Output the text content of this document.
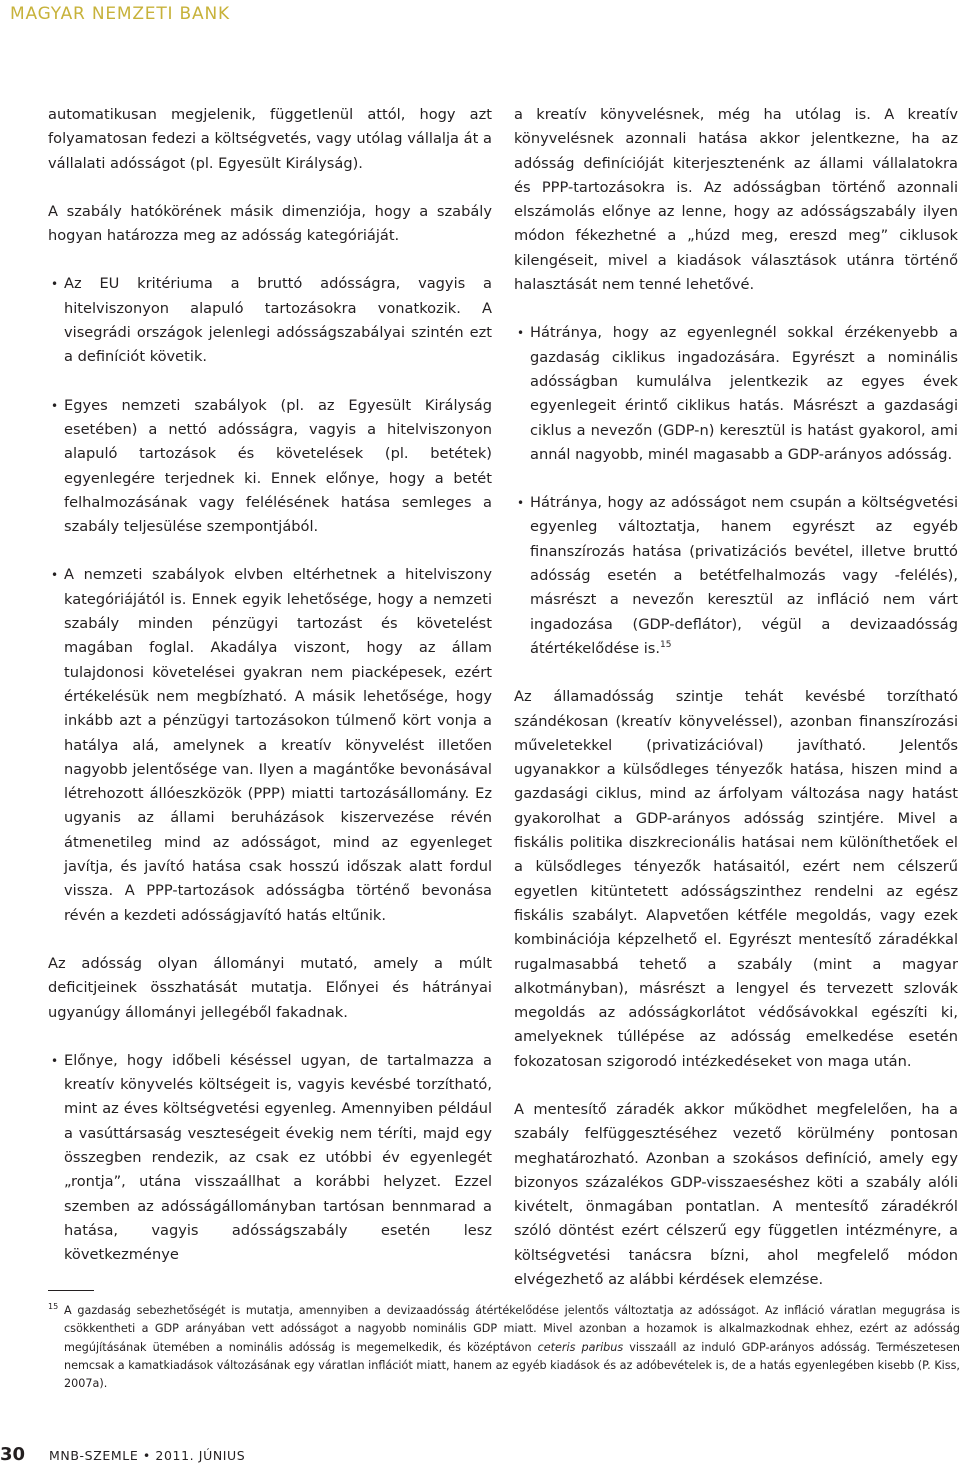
MAGYAR NEMZETI BANK

automatikusan megjelenik, függetlenül attól, hogy azt folyamatosan fedezi a költségvetés, vagy utólag vállalja át a vállalati adósságot (pl. Egyesült Királyság).

A szabály hatókörének másik dimenziója, hogy a szabály hogyan határozza meg az adósság kategóriáját.

• Az EU kritériuma a bruttó adósságra, vagyis a hitelviszonyon alapuló tartozásokra vonatkozik. A visegrádi országok jelenlegi adósságszabályai szintén ezt a definíciót követik.
• Egyes nemzeti szabályok (pl. az Egyesült Királyság esetében) a nettó adósságra, vagyis a hitelviszonyon alapuló tartozások és követelések (pl. betétek) egyenlegére terjednek ki. Ennek előnye, hogy a betét felhalmozásának vagy felélésének hatása semleges a szabály teljesülése szempontjából.
• A nemzeti szabályok elvben eltérhetnek a hitelviszony kategóriájától is. Ennek egyik lehetősége, hogy a nemzeti szabály minden pénzügyi tartozást és követelést magában foglal. Akadálya viszont, hogy az állam tulajdonosi követelései gyakran nem piacképesek, ezért értékelésük nem megbízható. A másik lehetősége, hogy inkább azt a pénzügyi tartozásokon túlmenő kört vonja a hatálya alá, amelynek a kreatív könyvelést illetően nagyobb jelentősége van. Ilyen a magántőke bevonásával létrehozott állóeszközök (PPP) miatti tartozásállomány. Ez ugyanis az állami beruházások kiszervezése révén átmenetileg mind az adósságot, mind az egyenleget javítja, és javító hatása csak hosszú időszak alatt fordul vissza. A PPP-tartozások adósságba történő bevonása révén a kezdeti adósságjavító hatás eltűnik.

Az adósság olyan állományi mutató, amely a múlt deficitjeinek összhatását mutatja. Előnyei és hátrányai ugyanúgy állományi jellegéből fakadnak.

• Előnye, hogy időbeli késéssel ugyan, de tartalmazza a kreatív könyvelés költségeit is, vagyis kevésbé torzítható, mint az éves költségvetési egyenleg. Amennyiben például a vasúttársaság veszteségeit évekig nem téríti, majd egy összegben rendezik, az csak ez utóbbi év egyenlegét „rontja”, utána visszaállhat a korábbi helyzet. Ezzel szemben az adósságállományban tartósan bennmarad a hatása, vagyis adósságszabály esetén lesz következménye

a kreatív könyvelésnek, még ha utólag is. A kreatív könyvelésnek azonnali hatása akkor jelentkezne, ha az adósság definícióját kiterjesztenénk az állami vállalatokra és PPP-tartozásokra is. Az adósságban történő azonnali elszámolás előnye az lenne, hogy az adósságszabály ilyen módon fékezhetné a „húzd meg, ereszd meg” ciklusok kilengéseit, mivel a kiadások választások utánra történő halasztását nem tenné lehetővé.

• Hátránya, hogy az egyenlegnél sokkal érzékenyebb a gazdaság ciklikus ingadozására. Egyrészt a nominális adósságban kumulálva jelentkezik az egyes évek egyenlegeit érintő ciklikus hatás. Másrészt a gazdasági ciklus a nevezőn (GDP-n) keresztül is hatást gyakorol, ami annál nagyobb, minél magasabb a GDP-arányos adósság.
• Hátránya, hogy az adósságot nem csupán a költségvetési egyenleg változtatja, hanem egyrészt az egyéb finanszírozás hatása (privatizációs bevétel, illetve bruttó adósság esetén a betétfelhalmozás vagy -felélés), másrészt a nevezőn keresztül az infláció nem várt ingadozása (GDP-deflátor), végül a devizaadósság átértékelődése is.$^{15}$

Az államadósság szintje tehát kevésbé torzítható szándékosan (kreatív könyveléssel), azonban finanszírozási műveletekkel (privatizációval) javítható. Jelentős ugyanakkor a külsődleges tényezők hatása, hiszen mind a gazdasági ciklus, mind az árfolyam változása nagy hatást gyakorolhat a GDP-arányos adósság szintjére. Mivel a fiskális politika diszkrecionális hatásai nem különíthetőek el a külsődleges tényezők hatásaitól, ezért nem célszerű egyetlen kitüntetett adósságszinthez rendelni az egész fiskális szabályt. Alapvetően kétféle megoldás, vagy ezek kombinációja képzelhető el. Egyrészt mentesítő záradékkal rugalmasabbá tehető a szabály (mint a magyar alkotmányban), másrészt a lengyel és tervezett szlovák megoldás az adósságkorlátot védősávokkal egészíti ki, amelyeknek túllépése az adósság emelkedése esetén fokozatosan szigorodó intézkedéseket von maga után.

A mentesítő záradék akkor működhet megfelelően, ha a szabály felfüggesztéséhez vezető körülmény pontosan meghatározható. Azonban a szokásos definíció, amely egy bizonyos százalékos GDP-visszaeséshez köti a szabály alóli kivételt, önmagában pontatlan. A mentesítő záradékról szóló döntést ezért célszerű egy független intézményre, a költségvetési tanácsra bízni, ahol megfelelő módon elvégezhető az alábbi kérdések elemzése.

15 A gazdaság sebezhetőségét is mutatja, amennyiben a devizaadósság átértékelődése jelentős változtatja az adósságot. Az infláció váratlan megugrása is csökkentheti a GDP arányában vett adósságot a nagyobb nominális GDP miatt. Mivel azonban a hozamok is alkalmazkodnak ehhez, ezért az adósság megújításának ütemében a nominális adósság is megemelkedik, és középtávon ceteris paribus visszaáll az induló GDP-arányos adósság. Természetesen nemcsak a kamatkiadások változásának egy váratlan inflációt miatt, hanem az egyéb kiadások és az adóbevételek is, de a hatás egyenlegében kisebb (P. Kiss, 2007a).
30 MNB-SZEMLE • 2011. JÚNIUS
